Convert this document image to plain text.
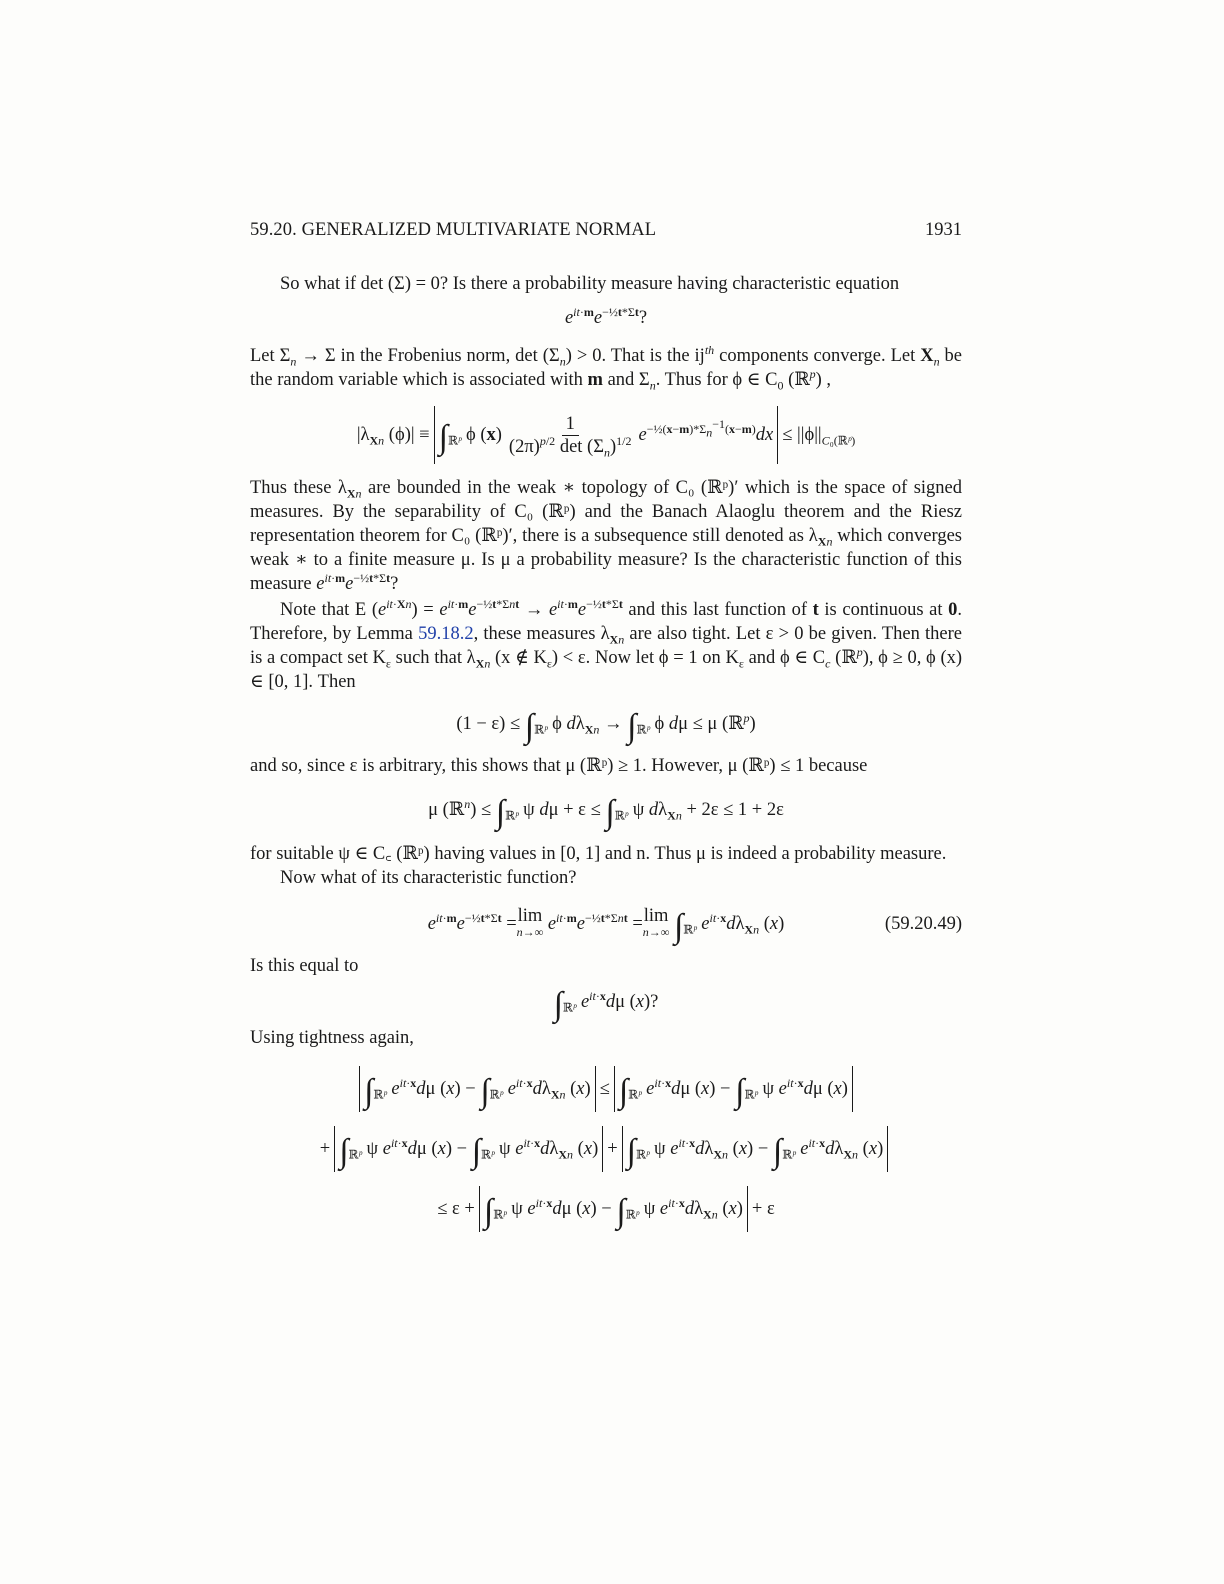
59.20. GENERALIZED MULTIVARIATE NORMAL	1931

So what if det (Σ) = 0? Is there a probability measure having characteristic equation

$e^{it\cdot m}e^{-\frac{1}{2}t*\Sigma t}$?

Let $\Sigma_n \to \Sigma$ in the Frobenius norm, $\det (\Sigma_n) > 0$. That is the $ij^{th}$ components converge. Let $X_n$ be the random variable which is associated with m and $\Sigma_n$. Thus for ϕ ∈ $C_0$ (ℝ$^p$) ,

$|\lambda_{Xn}$ $(\phi)| \equiv \int_{ℝᵖ}$ ϕ $(x) \frac{1}{(2\pi)^{p/2} \det (\Sigma_n)^{1/2}} e^{-\frac{1}{2}(x-m)*\Sigma_n^{-1}(x-m)}dx \le ||\phi||_{C_0(ℝᵖ)}$

Thus these $\lambda_{Xn}$ are bounded in the weak ∗ topology of C₀ (ℝᵖ)′ which is the space of signed measures. By the separability of C₀ (ℝᵖ) and the Banach Alaoglu theorem and the Riesz representation theorem for C₀ (ℝᵖ)′, there is a subsequence still denoted as $\lambda_{Xn}$ which converges weak ∗ to a finite measure μ. Is μ a probability measure? Is the characteristic function of this measure $e^{it\cdot m}e^{-\frac{1}{2}t*\Sigma t}$?

Note that E $(e^{it\cdot Xn}) = e^{it\cdot m}e^{-\frac{1}{2}t*\Sigma nt} \to e^{it\cdot m}e^{-\frac{1}{2}t*\Sigma t}$ and this last function of t is continuous at 0. Therefore, by Lemma 59.18.2, these measures $\lambda_{Xn}$ are also tight. Let ε > 0 be given. Then there is a compact set $K_\varepsilon$ such that $\lambda_{Xn}$ (x ∉ $K_\varepsilon) < \varepsilon$. Now let ϕ = 1 on $K_\varepsilon$ and ϕ ∈ $C_c$ (ℝ$^p$), ϕ ≥ 0, ϕ (x) ∈ [0, 1]. Then

$(1 - \varepsilon) \le \int_{ℝᵖ}$ ϕ $d\lambda_{Xn} \to \int_{ℝᵖ}$ ϕ dμ ≤ μ (ℝ$^p$)

and so, since ε is arbitrary, this shows that μ (ℝᵖ) ≥ 1. However, μ (ℝᵖ) ≤ 1 because

μ (ℝ$^n$) ≤ $\int_{ℝᵖ}$ ψ $d\mu + \varepsilon \le \int_{ℝᵖ}$ ψ $d\lambda_{Xn} + 2\varepsilon \le 1 + 2\varepsilon$

for suitable ψ ∈ C꜀ (ℝᵖ) having values in [0, 1] and n. Thus μ is indeed a probability measure.

Now what of its characteristic function?

$e^{it\cdot m}e^{-\frac{1}{2}t*\Sigma t} = \lim$
n→∞ $e^{it\cdot m}e^{-\frac{1}{2}t*\Sigma nt} = \lim$
n→∞ $\int_{ℝᵖ}$ $e^{it\cdot x}d\lambda_{Xn}$ (x)	(59.20.49)

Is this equal to

$\int_{ℝᵖ}$ $e^{it\cdot x}d\mu$ (x)?

Using tightness again,

$\int_{ℝᵖ}$ $e^{it\cdot x}d\mu$ $(x) - \int_{ℝᵖ}$ $e^{it\cdot x}d\lambda_{Xn}$ $(x) \le \int_{ℝᵖ}$ $e^{it\cdot x}d\mu$ $(x) - \int_{ℝᵖ}$ ψ $e^{it\cdot x}d\mu$ (x)
+ $\int_{ℝᵖ}$ ψ $e^{it\cdot x}d\mu$ $(x) - \int_{ℝᵖ}$ ψ $e^{it\cdot x}d\lambda_{Xn}$ $(x) + \int_{ℝᵖ}$ ψ $e^{it\cdot x}d\lambda_{Xn}$ $(x) - \int_{ℝᵖ}$ $e^{it\cdot x}d\lambda_{Xn}$ (x)
≤ $\varepsilon + \int_{ℝᵖ}$ ψ $e^{it\cdot x}d\mu$ $(x) - \int_{ℝᵖ}$ ψ $e^{it\cdot x}d\lambda_{Xn}$ (x) + ε
